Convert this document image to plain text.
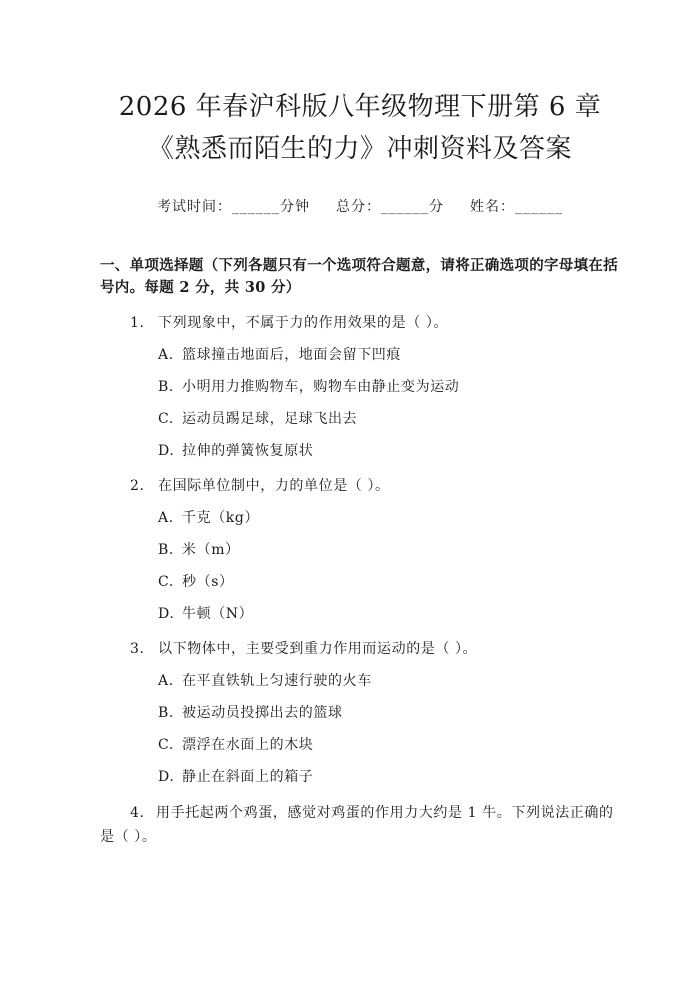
2026 年春沪科版八年级物理下册第 6 章《熟悉而陌生的力》冲刺资料及答案
考试时间：______分钟 总分：______分 姓名：______
一、单项选择题（下列各题只有一个选项符合题意，请将正确选项的字母填在括号内。每题 2 分，共 30 分）
1. 下列现象中，不属于力的作用效果的是（ ）。
A. 篮球撞击地面后，地面会留下凹痕
B. 小明用力推购物车，购物车由静止变为运动
C. 运动员踢足球，足球飞出去
D. 拉伸的弹簧恢复原状
2. 在国际单位制中，力的单位是（ ）。
A. 千克（kg）
B. 米（m）
C. 秒（s）
D. 牛顿（N）
3. 以下物体中，主要受到重力作用而运动的是（ ）。
A. 在平直铁轨上匀速行驶的火车
B. 被运动员投掷出去的篮球
C. 漂浮在水面上的木块
D. 静止在斜面上的箱子
4. 用手托起两个鸡蛋，感觉对鸡蛋的作用力大约是 1 牛。下列说法正确的是（ ）。
